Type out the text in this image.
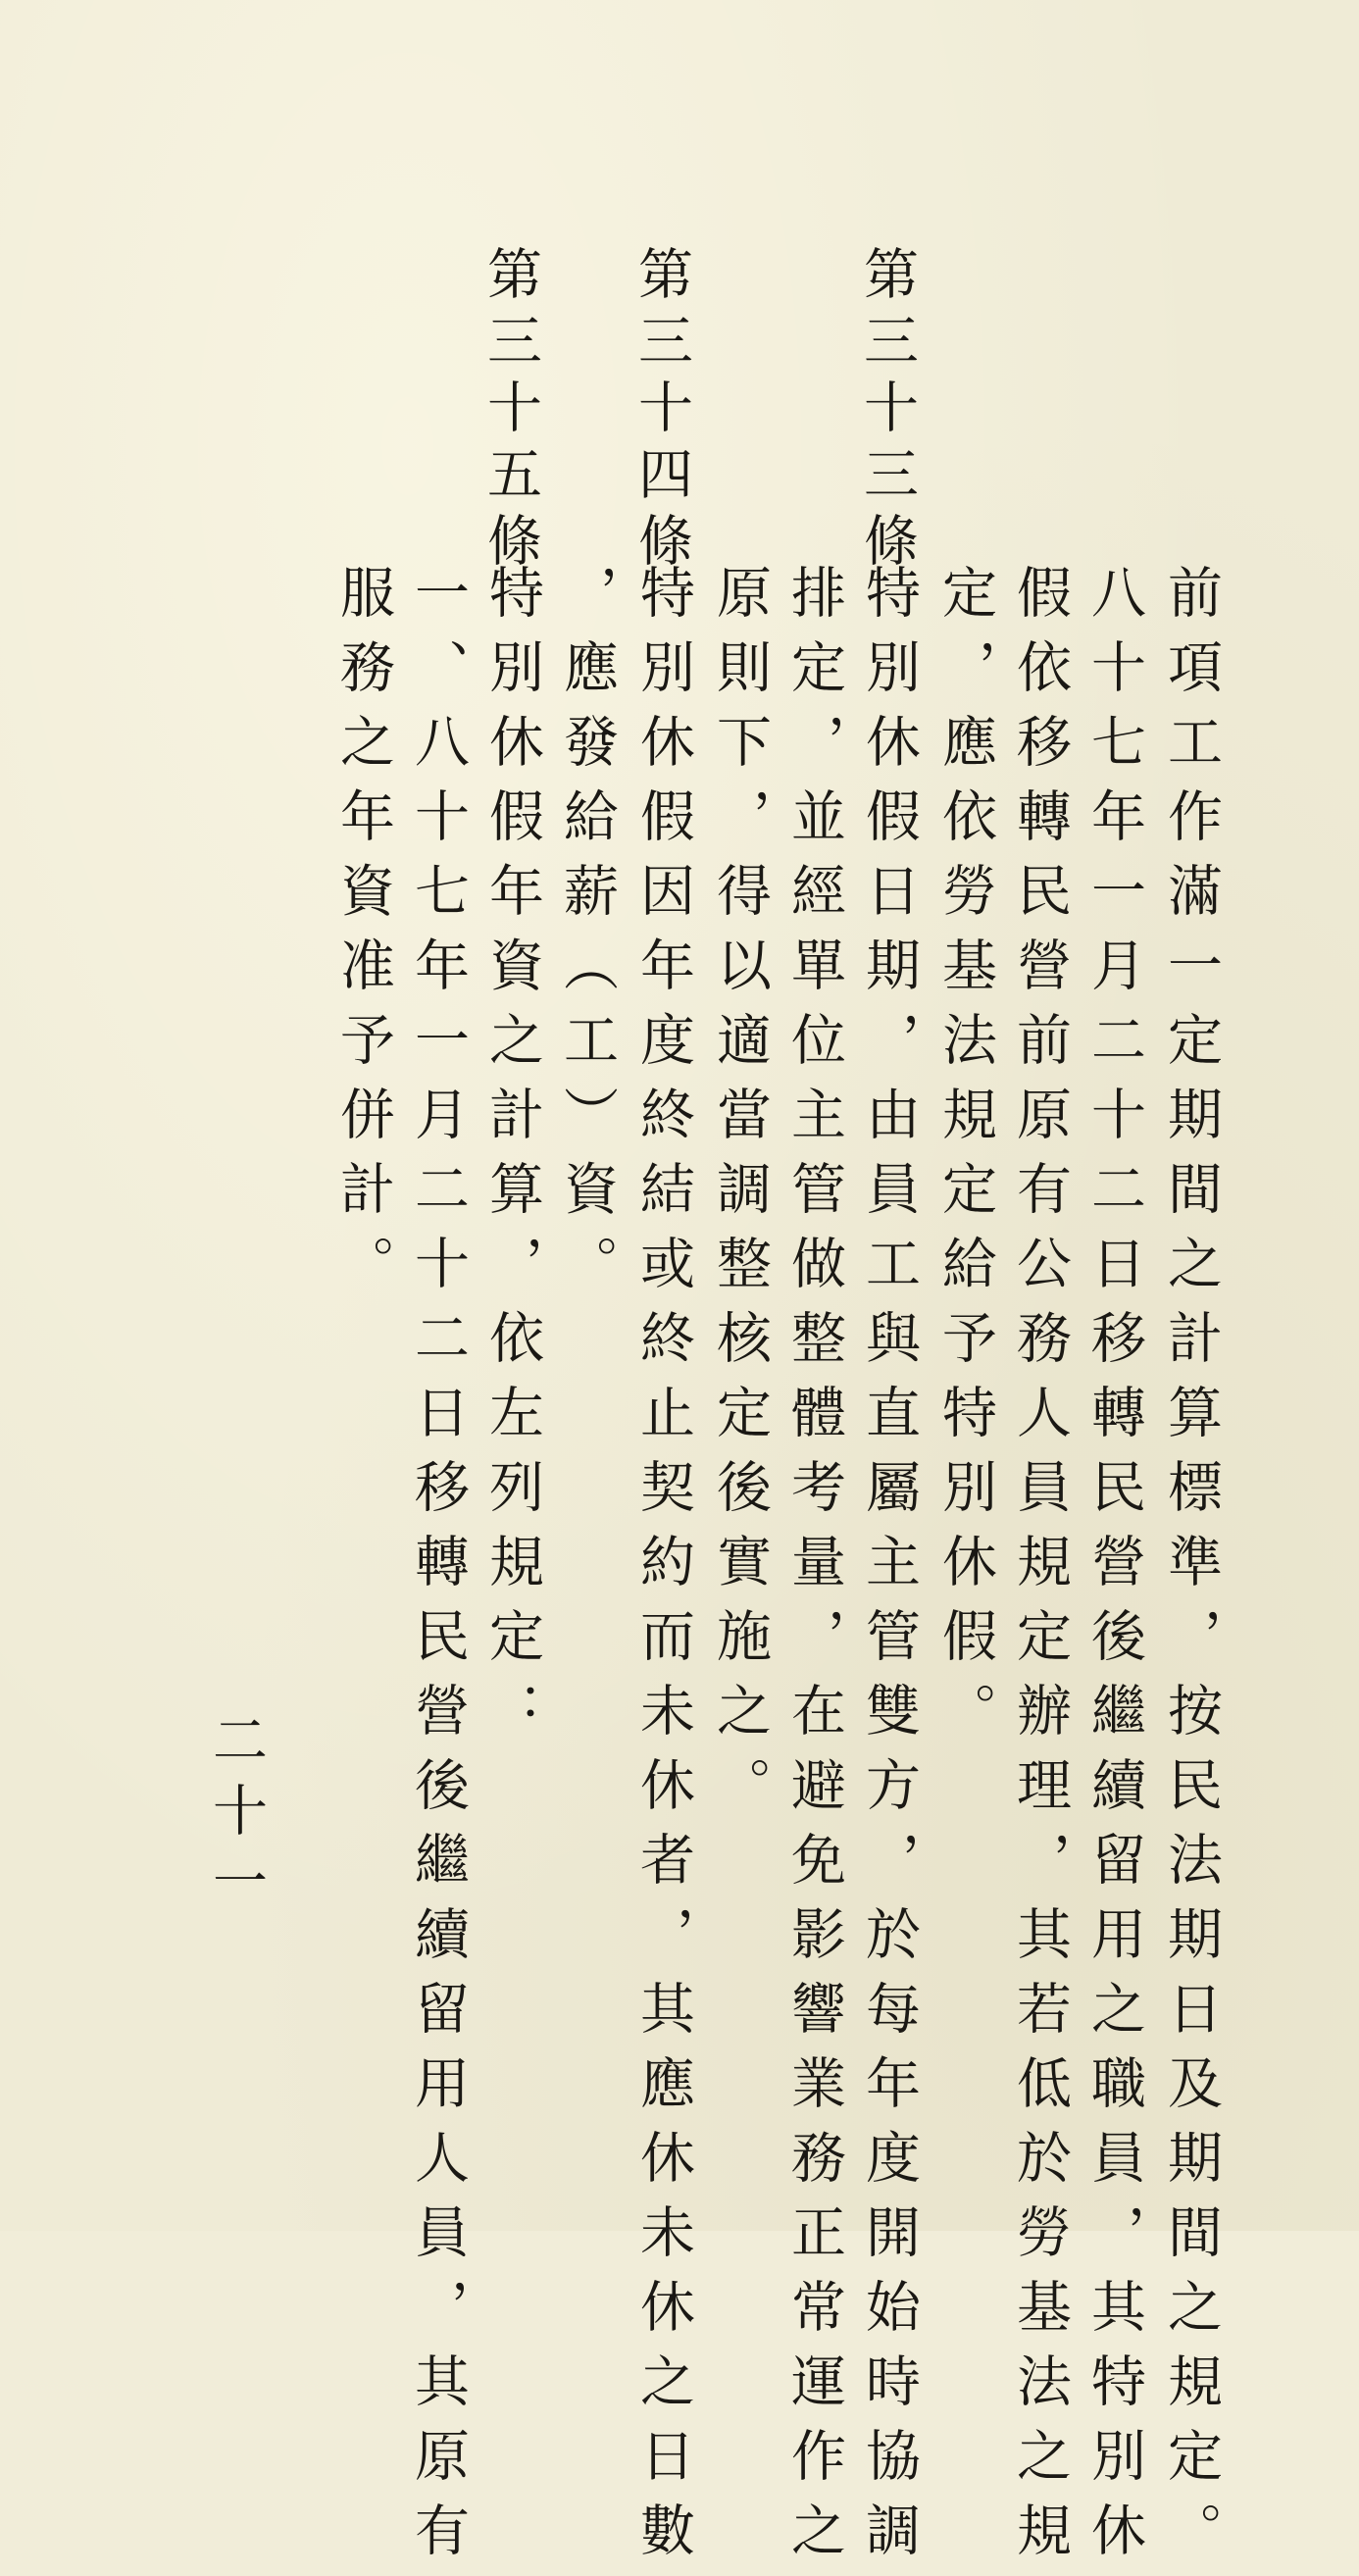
第三十三條
第三十四條
第三十五條
前項工作滿一定期間之計算標準，按民法期日及期間之規定。
八十七年一月二十二日移轉民營後繼續留用之職員，其特別休
假依移轉民營前原有公務人員規定辦理，其若低於勞基法之規
定，應依勞基法規定給予特別休假。
特別休假日期，由員工與直屬主管雙方，於每年度開始時協調
排定，並經單位主管做整體考量，在避免影響業務正常運作之
原則下，得以適當調整核定後實施之。
特別休假因年度終結或終止契約而未休者，其應休未休之日數
，應發給薪（工）資。
特別休假年資之計算，依左列規定：
一、八十七年一月二十二日移轉民營後繼續留用人員，其原有
服務之年資准予併計。
二十一
